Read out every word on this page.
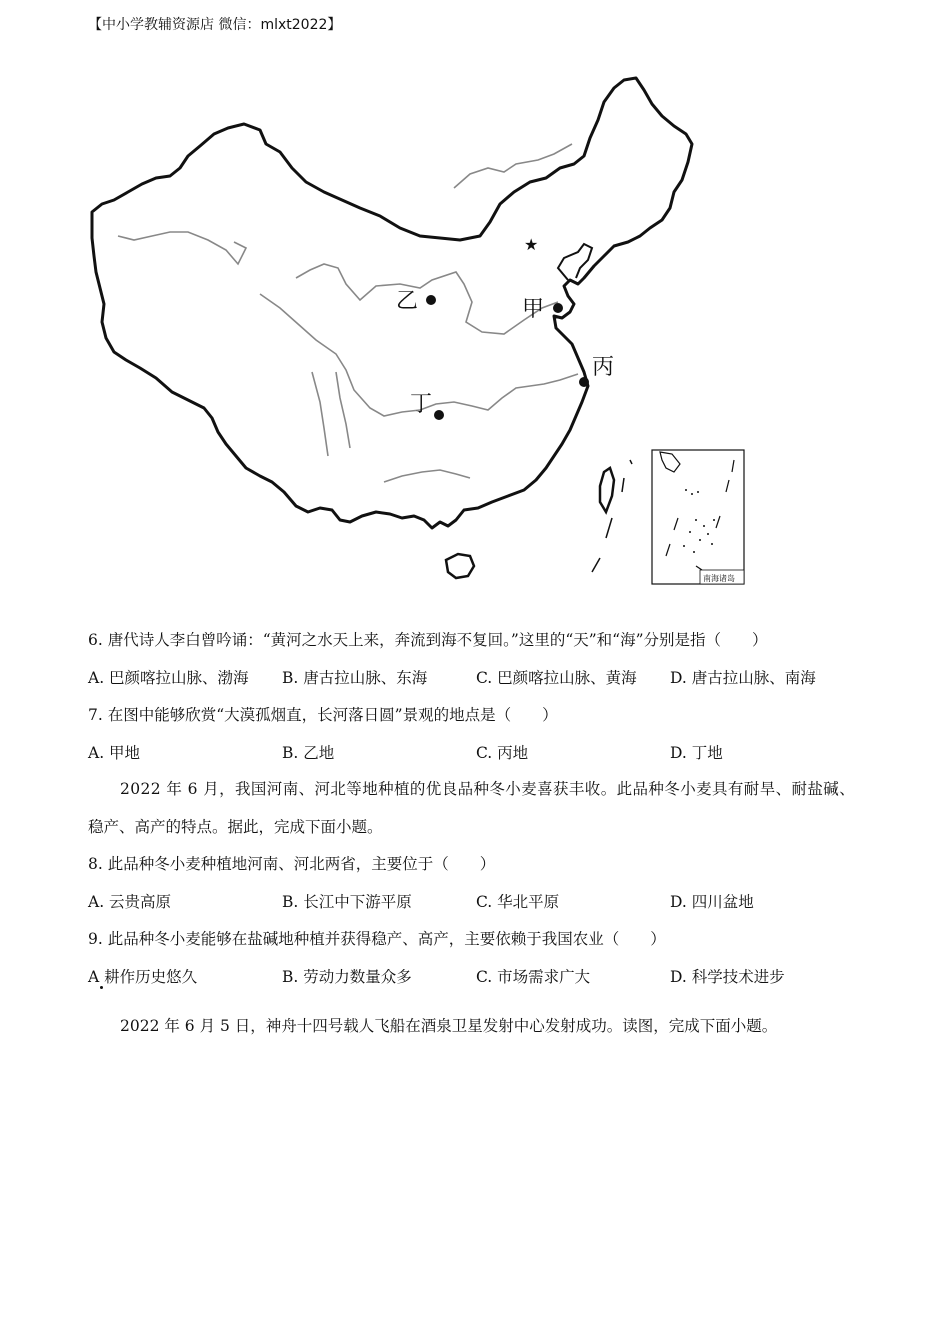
【中小学教辅资源店 微信：mlxt2022】
南海诸岛
★
乙	甲
丙
丁
6. 唐代诗人李白曾吟诵：“黄河之水天上来，奔流到海不复回。”这里的“天”和“海”分别是指（　　）
A. 巴颜喀拉山脉、渤海 B. 唐古拉山脉、东海	C. 巴颜喀拉山脉、黄海 D. 唐古拉山脉、南海
7. 在图中能够欣赏“大漠孤烟直，长河落日圆”景观的地点是（　　）
A. 甲地	B. 乙地	C. 丙地	D. 丁地
2022 年 6 月，我国河南、河北等地种植的优良品种冬小麦喜获丰收。此品种冬小麦具有耐旱、耐盐碱、
稳产、高产的特点。据此，完成下面小题。
8. 此品种冬小麦种植地河南、河北两省，主要位于（　　）
A. 云贵高原	B. 长江中下游平原	C. 华北平原	D. 四川盆地
9. 此品种冬小麦能够在盐碱地种植并获得稳产、高产，主要依赖于我国农业（　　）
A 耕作历史悠久	B. 劳动力数量众多	C. 市场需求广大	D. 科学技术进步
2022 年 6 月 5 日，神舟十四号载人飞船在酒泉卫星发射中心发射成功。读图，完成下面小题。
